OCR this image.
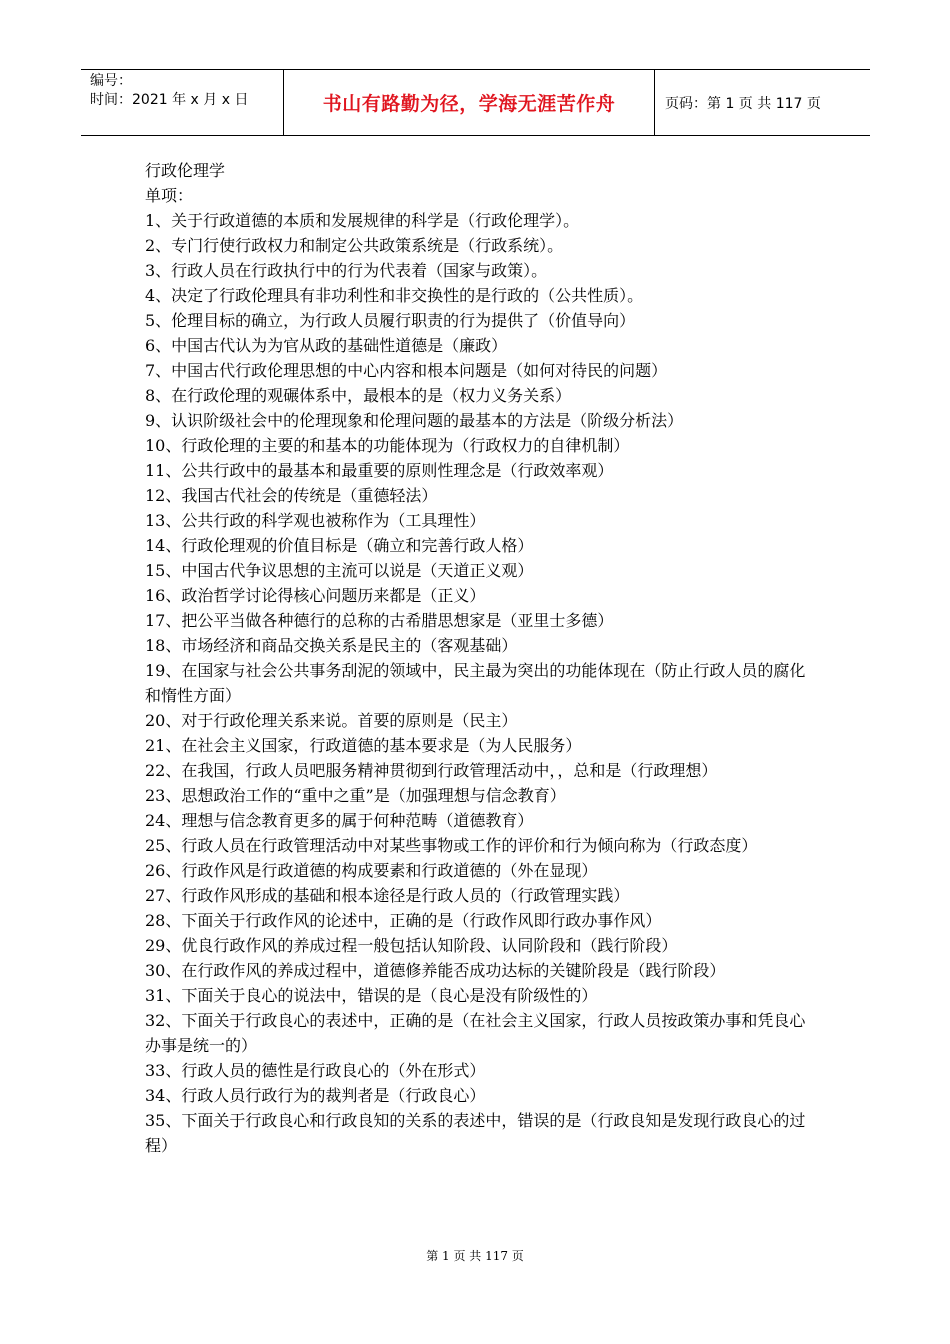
编号：
时间：2021 年 x 月 x 日	书山有路勤为径，学海无涯苦作舟	页码：第 1 页 共 117 页

行政伦理学

单项：

1、关于行政道德的本质和发展规律的科学是（行政伦理学）。

2、专门行使行政权力和制定公共政策系统是（行政系统）。

3、行政人员在行政执行中的行为代表着（国家与政策）。

4、决定了行政伦理具有非功利性和非交换性的是行政的（公共性质）。

5、伦理目标的确立，为行政人员履行职责的行为提供了（价值导向）

6、中国古代认为为官从政的基础性道德是（廉政）

7、中国古代行政伦理思想的中心内容和根本问题是（如何对待民的问题）

8、在行政伦理的观碾体系中，最根本的是（权力义务关系）

9、认识阶级社会中的伦理现象和伦理问题的最基本的方法是（阶级分析法）

10、行政伦理的主要的和基本的功能体现为（行政权力的自律机制）

11、公共行政中的最基本和最重要的原则性理念是（行政效率观）

12、我国古代社会的传统是（重德轻法）

13、公共行政的科学观也被称作为（工具理性）

14、行政伦理观的价值目标是（确立和完善行政人格）

15、中国古代争议思想的主流可以说是（天道正义观）

16、政治哲学讨论得核心问题历来都是（正义）

17、把公平当做各种德行的总称的古希腊思想家是（亚里士多德）

18、市场经济和商品交换关系是民主的（客观基础）

19、在国家与社会公共事务刮泥的领域中，民主最为突出的功能体现在（防止行政人员的腐化和惰性方面）

20、对于行政伦理关系来说。首要的原则是（民主）

21、在社会主义国家，行政道德的基本要求是（为人民服务）

22、在我国，行政人员吧服务精神贯彻到行政管理活动中，，总和是（行政理想）

23、思想政治工作的“重中之重”是（加强理想与信念教育）

24、理想与信念教育更多的属于何种范畴（道德教育）

25、行政人员在行政管理活动中对某些事物或工作的评价和行为倾向称为（行政态度）

26、行政作风是行政道德的构成要素和行政道德的（外在显现）

27、行政作风形成的基础和根本途径是行政人员的（行政管理实践）

28、下面关于行政作风的论述中，正确的是（行政作风即行政办事作风）

29、优良行政作风的养成过程一般包括认知阶段、认同阶段和（践行阶段）

30、在行政作风的养成过程中，道德修养能否成功达标的关键阶段是（践行阶段）

31、下面关于良心的说法中，错误的是（良心是没有阶级性的）

32、下面关于行政良心的表述中，正确的是（在社会主义国家，行政人员按政策办事和凭良心办事是统一的）

33、行政人员的德性是行政良心的（外在形式）

34、行政人员行政行为的裁判者是（行政良心）

35、下面关于行政良心和行政良知的关系的表述中，错误的是（行政良知是发现行政良心的过程）

第 1 页 共 117 页
